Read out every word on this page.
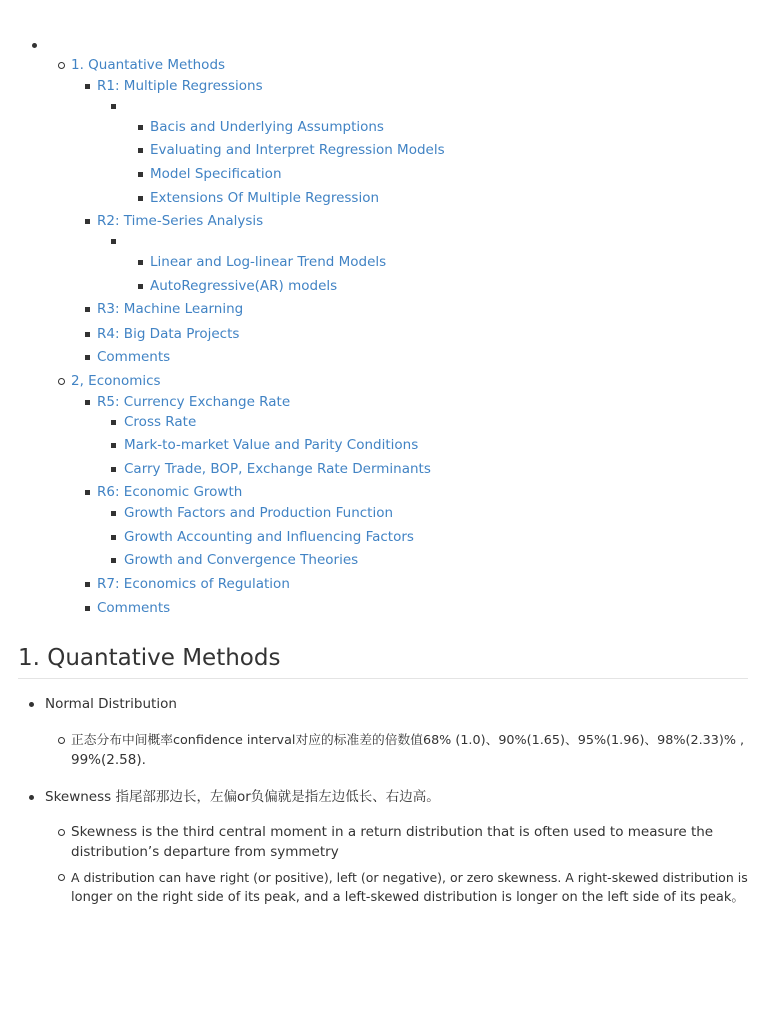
1. Quantative Methods
R1: Multiple Regressions
Bacis and Underlying Assumptions
Evaluating and Interpret Regression Models
Model Specification
Extensions Of Multiple Regression
R2: Time-Series Analysis
Linear and Log-linear Trend Models
AutoRegressive(AR) models
R3: Machine Learning
R4: Big Data Projects
Comments
2, Economics
R5: Currency Exchange Rate
Cross Rate
Mark-to-market Value and Parity Conditions
Carry Trade, BOP, Exchange Rate Derminants
R6: Economic Growth
Growth Factors and Production Function
Growth Accounting and Influencing Factors
Growth and Convergence Theories
R7: Economics of Regulation
Comments
1. Quantative Methods
Normal Distribution
正态分布中间概率confidence interval对应的标准差的倍数值68% (1.0)、90%(1.65)、95%(1.96)、98%(2.33)% ,
99%(2.58).
Skewness 指尾部那边长，左偏or负偏就是指左边低长、右边高。
Skewness is the third central moment in a return distribution that is often used to measure the
distribution’s departure from symmetry
A distribution can have right (or positive), left (or negative), or zero skewness. A right-skewed distribution is
longer on the right side of its peak, and a left-skewed distribution is longer on the left side of its peak。
